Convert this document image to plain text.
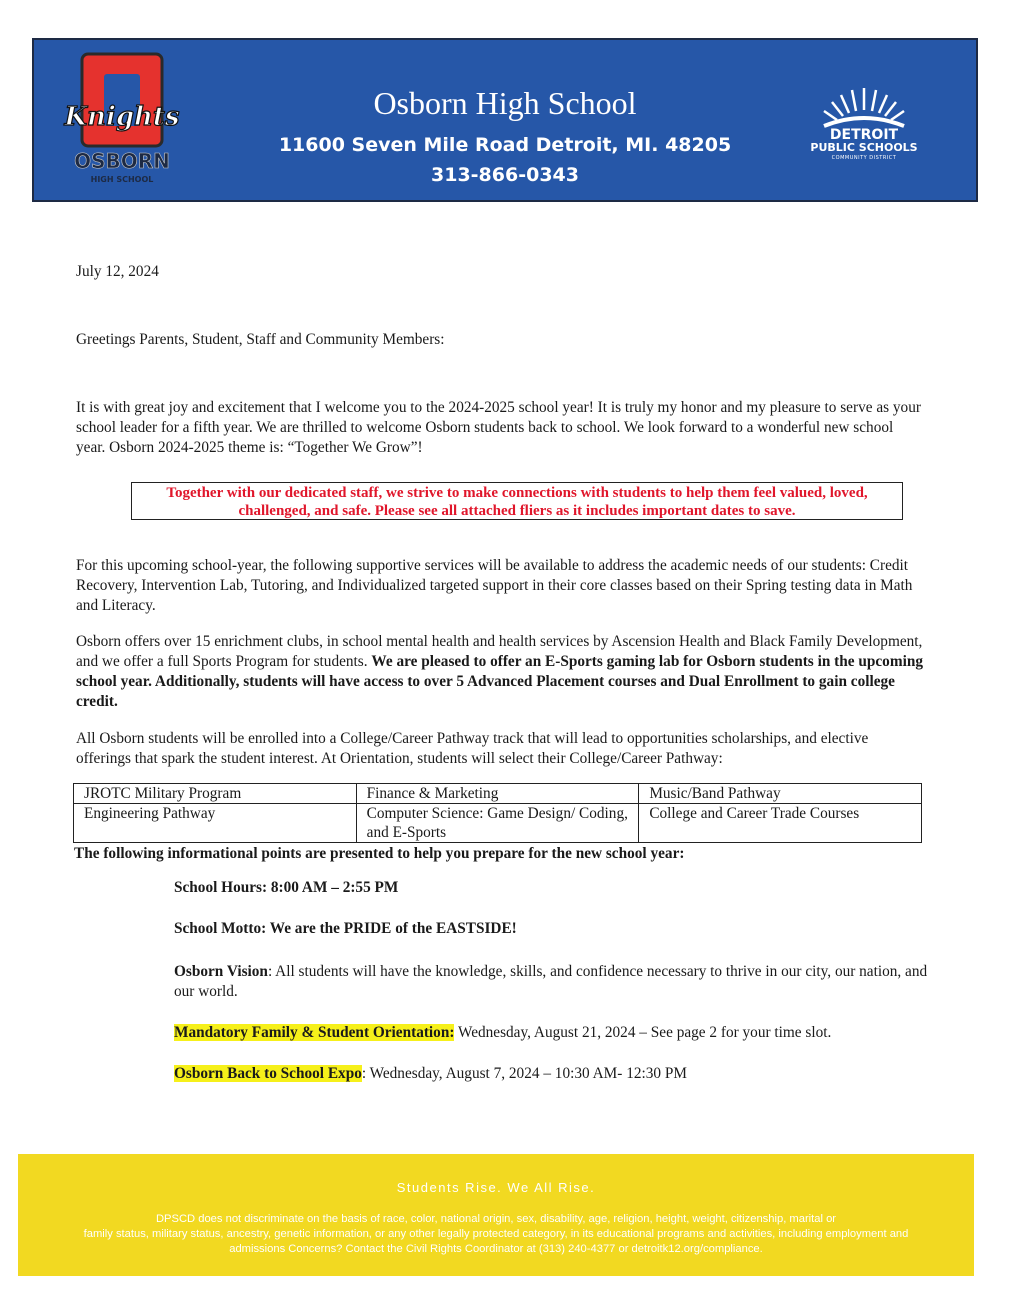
Knights
OSBORN
HIGH SCHOOL
Osborn High School
11600 Seven Mile Road Detroit, MI. 48205
313-866-0343
DETROIT
PUBLIC SCHOOLS
COMMUNITY DISTRICT
July 12, 2024
Greetings Parents, Student, Staff and Community Members:
It is with great joy and excitement that I welcome you to the 2024-2025 school year! It is truly my honor and my pleasure to serve as your school leader for a fifth year. We are thrilled to welcome Osborn students back to school. We look forward to a wonderful new school year. Osborn 2024-2025 theme is: “Together We Grow”!
Together with our dedicated staff, we strive to make connections with students to help them feel valued, loved, challenged, and safe. Please see all attached fliers as it includes important dates to save.
For this upcoming school-year, the following supportive services will be available to address the academic needs of our students: Credit Recovery, Intervention Lab, Tutoring, and Individualized targeted support in their core classes based on their Spring testing data in Math and Literacy.
Osborn offers over 15 enrichment clubs, in school mental health and health services by Ascension Health and Black Family Development, and we offer a full Sports Program for students. We are pleased to offer an E-Sports gaming lab for Osborn students in the upcoming school year. Additionally, students will have access to over 5 Advanced Placement courses and Dual Enrollment to gain college credit.
All Osborn students will be enrolled into a College/Career Pathway track that will lead to opportunities scholarships, and elective offerings that spark the student interest. At Orientation, students will select their College/Career Pathway:
JROTC Military Program	Finance & Marketing	Music/Band Pathway
Engineering Pathway	Computer Science: Game Design/ Coding, and E-Sports	College and Career Trade Courses
The following informational points are presented to help you prepare for the new school year:
School Hours: 8:00 AM – 2:55 PM
School Motto: We are the PRIDE of the EASTSIDE!
Osborn Vision: All students will have the knowledge, skills, and confidence necessary to thrive in our city, our nation, and our world.
Mandatory Family & Student Orientation: Wednesday, August 21, 2024 – See page 2 for your time slot.
Osborn Back to School Expo: Wednesday, August 7, 2024 – 10:30 AM- 12:30 PM
Students Rise. We All Rise.
DPSCD does not discriminate on the basis of race, color, national origin, sex, disability, age, religion, height, weight, citizenship, marital or
family status, military status, ancestry, genetic information, or any other legally protected category, in its educational programs and activities, including employment and
admissions Concerns? Contact the Civil Rights Coordinator at (313) 240-4377 or detroitk12.org/compliance.
